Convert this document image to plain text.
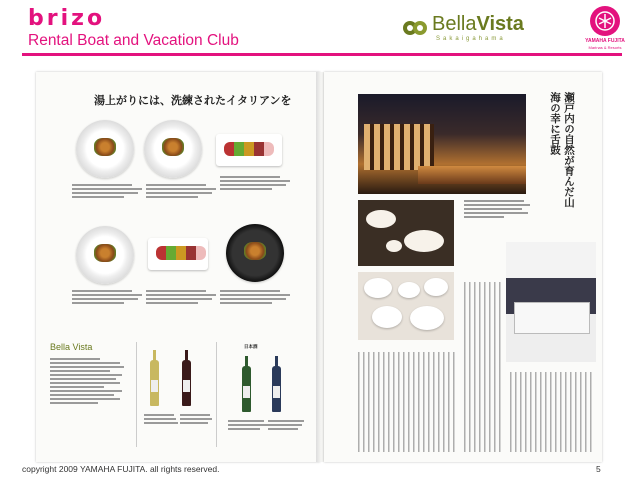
brizo
Rental Boat and Vacation Club
BellaVista
Sakaigahama	YAMAHA FUJITA
Marinas & Resorts
湯上がりには、洗練されたイタリアンを
Bella Vista	日本酒
瀬戸内の自然が育んだ山海の幸に舌鼓
copyright 2009 YAMAHA FUJITA. all rights reserved.	5
